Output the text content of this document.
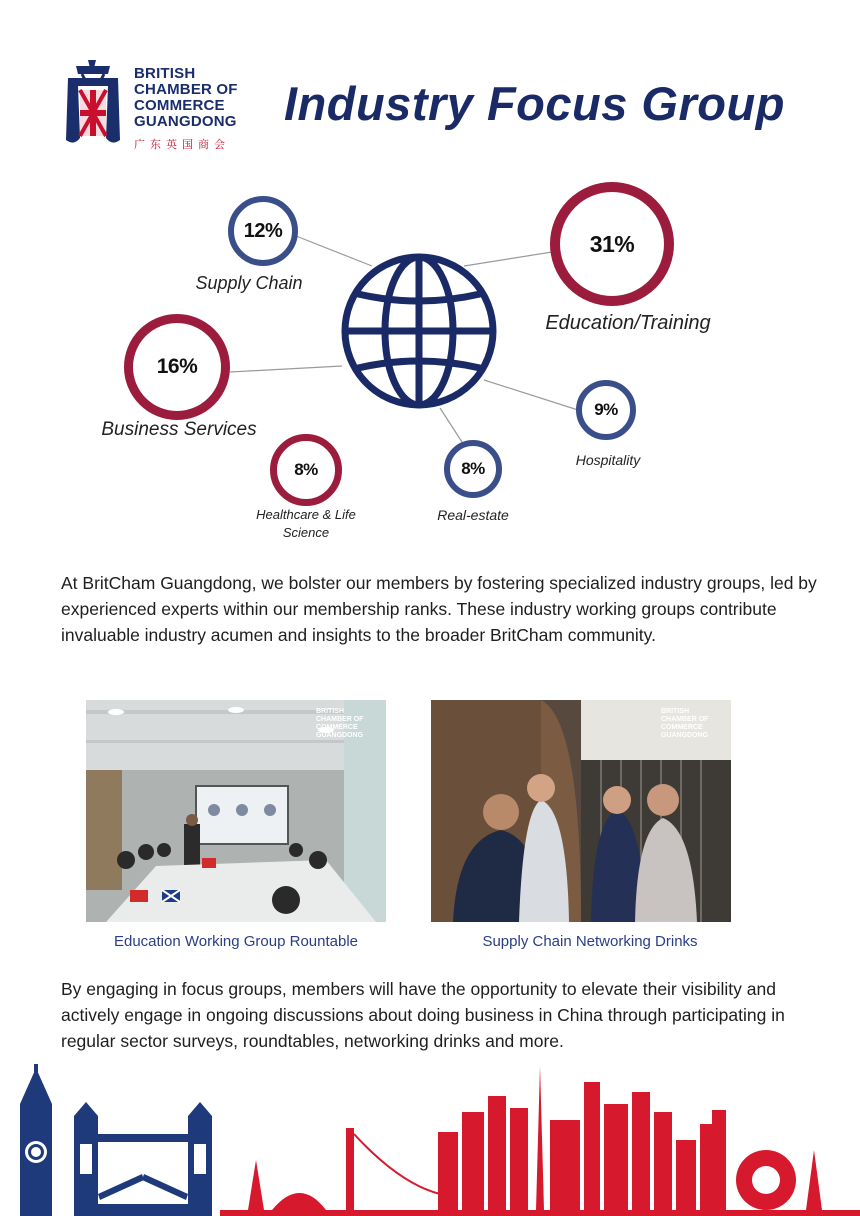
BRITISH
CHAMBER OF
COMMERCE
GUANGDONG
广东英国商会
Industry Focus Group
12%
Supply Chain
31%
Education/Training
16%
Business Services
9%
Hospitality
8%
Healthcare & Life Science
8%
Real-estate

At BritCham Guangdong, we bolster our members by fostering specialized industry groups, led by experienced experts within our membership ranks. These industry working groups contribute invaluable industry acumen and insights to the broader BritCham community.

BRITISH
CHAMBER OF
COMMERCE
GUANGDONG
Education Working Group Rountable
BRITISH
CHAMBER OF
COMMERCE
GUANGDONG
Supply Chain Networking Drinks

By engaging in focus groups, members will have the opportunity to elevate their visibility and actively engage in ongoing discussions about doing business in China through participating in regular sector surveys, roundtables, networking drinks and more.
